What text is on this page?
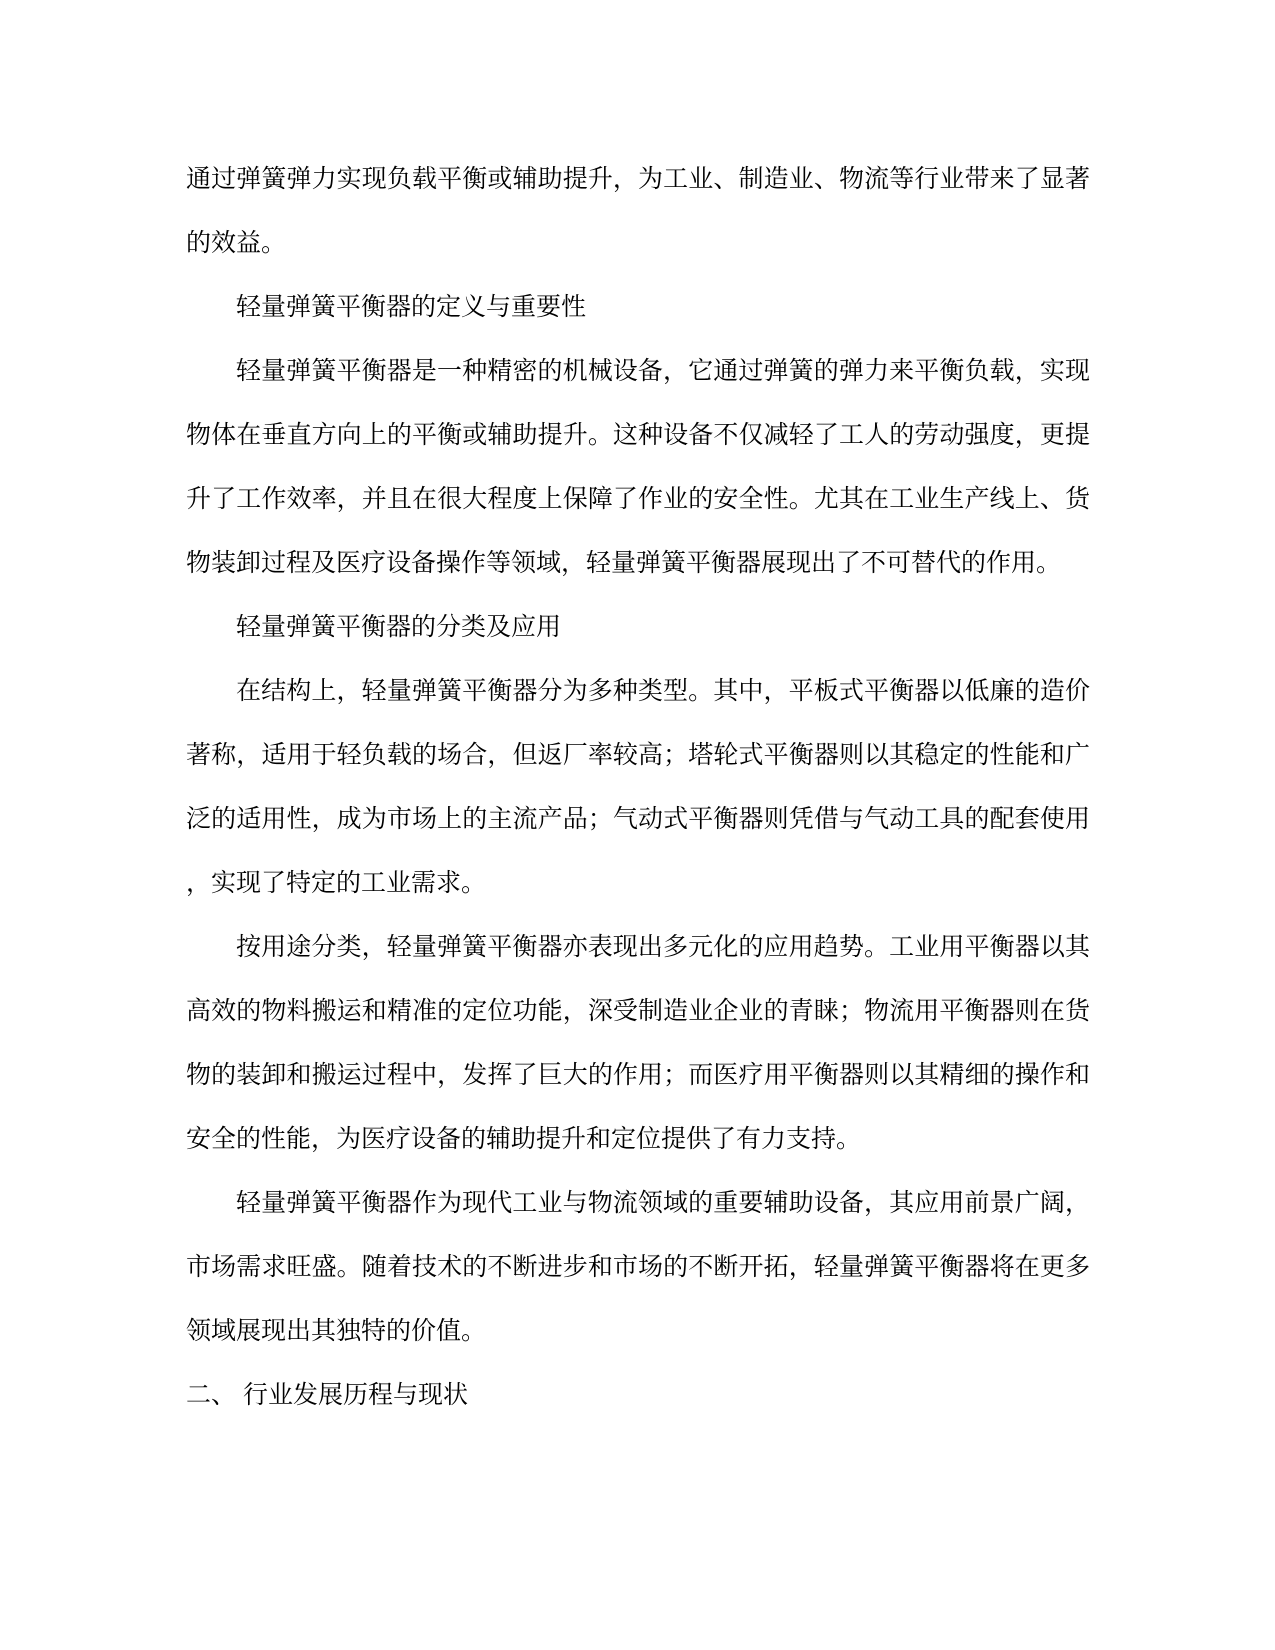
通过弹簧弹力实现负载平衡或辅助提升，为工业、制造业、物流等行业带来了显著
的效益。
轻量弹簧平衡器的定义与重要性
轻量弹簧平衡器是一种精密的机械设备，它通过弹簧的弹力来平衡负载，实现
物体在垂直方向上的平衡或辅助提升。这种设备不仅减轻了工人的劳动强度，更提
升了工作效率，并且在很大程度上保障了作业的安全性。尤其在工业生产线上、货
物装卸过程及医疗设备操作等领域，轻量弹簧平衡器展现出了不可替代的作用。
轻量弹簧平衡器的分类及应用
在结构上，轻量弹簧平衡器分为多种类型。其中，平板式平衡器以低廉的造价
著称，适用于轻负载的场合，但返厂率较高；塔轮式平衡器则以其稳定的性能和广
泛的适用性，成为市场上的主流产品；气动式平衡器则凭借与气动工具的配套使用
，实现了特定的工业需求。
按用途分类，轻量弹簧平衡器亦表现出多元化的应用趋势。工业用平衡器以其
高效的物料搬运和精准的定位功能，深受制造业企业的青睐；物流用平衡器则在货
物的装卸和搬运过程中，发挥了巨大的作用；而医疗用平衡器则以其精细的操作和
安全的性能，为医疗设备的辅助提升和定位提供了有力支持。
轻量弹簧平衡器作为现代工业与物流领域的重要辅助设备，其应用前景广阔，
市场需求旺盛。随着技术的不断进步和市场的不断开拓，轻量弹簧平衡器将在更多
领域展现出其独特的价值。
二、 行业发展历程与现状
